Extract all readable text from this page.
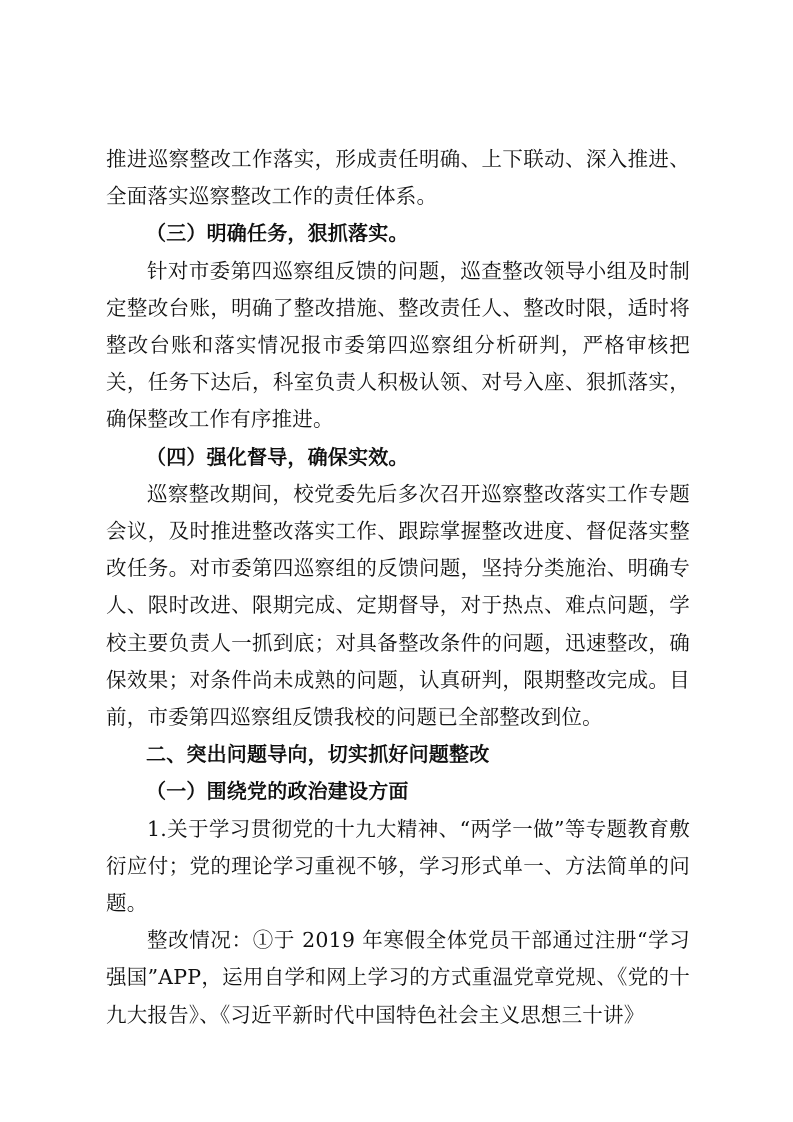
推进巡察整改工作落实，形成责任明确、上下联动、深入推进、全面落实巡察整改工作的责任体系。

（三）明确任务，狠抓落实。

针对市委第四巡察组反馈的问题，巡查整改领导小组及时制定整改台账，明确了整改措施、整改责任人、整改时限，适时将整改台账和落实情况报市委第四巡察组分析研判，严格审核把关，任务下达后，科室负责人积极认领、对号入座、狠抓落实，确保整改工作有序推进。

（四）强化督导，确保实效。

巡察整改期间，校党委先后多次召开巡察整改落实工作专题会议，及时推进整改落实工作、跟踪掌握整改进度、督促落实整改任务。对市委第四巡察组的反馈问题，坚持分类施治、明确专人、限时改进、限期完成、定期督导，对于热点、难点问题，学校主要负责人一抓到底；对具备整改条件的问题，迅速整改，确保效果；对条件尚未成熟的问题，认真研判，限期整改完成。目前，市委第四巡察组反馈我校的问题已全部整改到位。

二、突出问题导向，切实抓好问题整改

（一）围绕党的政治建设方面

1.关于学习贯彻党的十九大精神、“两学一做”等专题教育敷衍应付；党的理论学习重视不够，学习形式单一、方法简单的问题。

整改情况：①于 2019 年寒假全体党员干部通过注册“学习强国”APP，运用自学和网上学习的方式重温党章党规、《党的十九大报告》、《习近平新时代中国特色社会主义思想三十讲》
